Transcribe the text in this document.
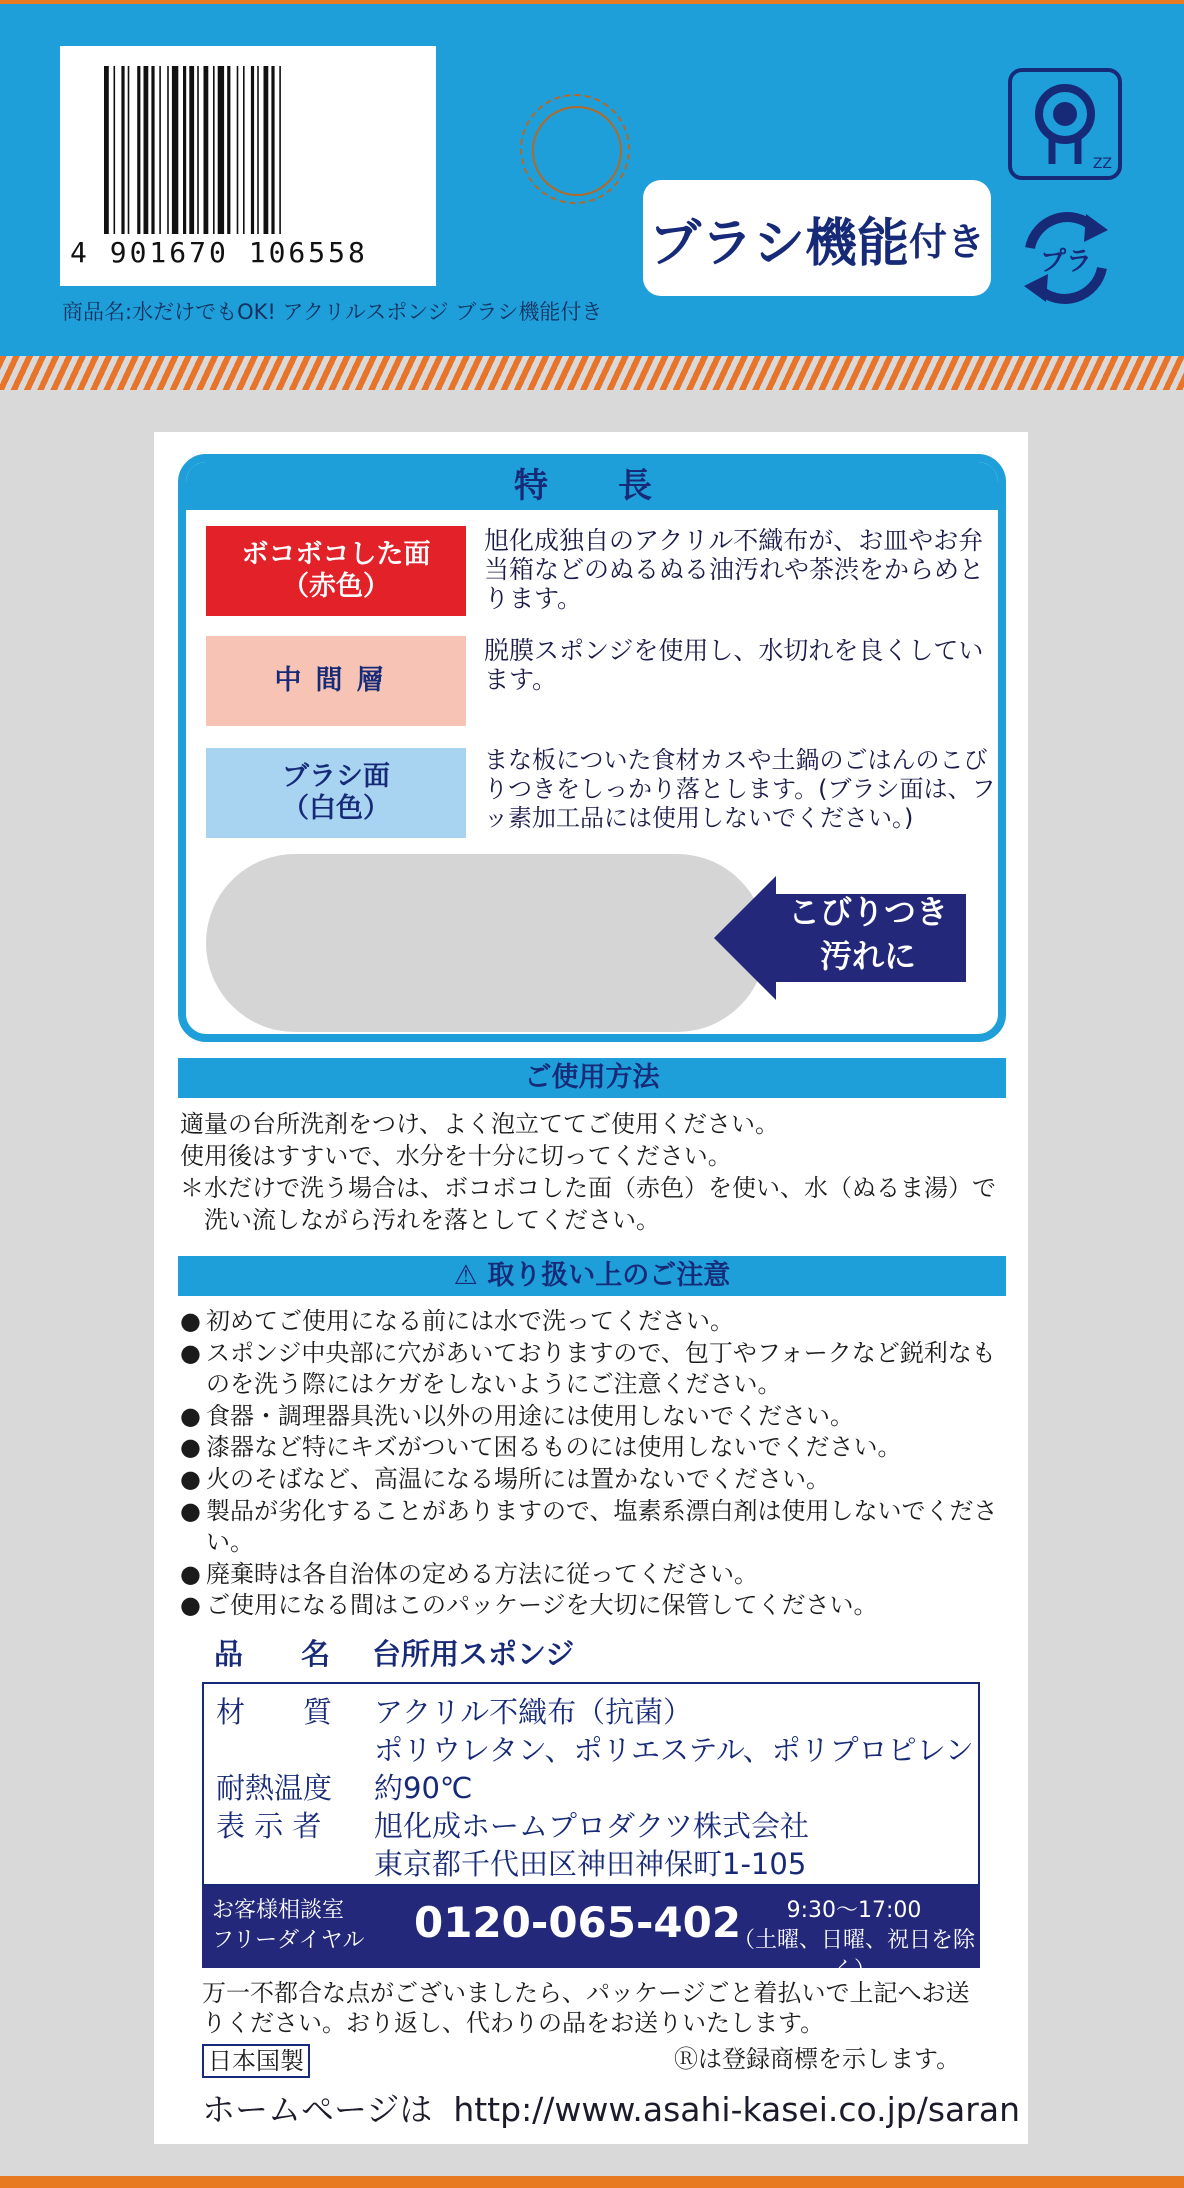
4 901670 106558
商品名:水だけでもOK! アクリルスポンジ ブラシ機能付き
ブラシ機能 付き
ZZ
プラ
特　長
ボコボコした面
（赤色）
旭化成独自のアクリル不織布が、お皿やお弁当箱などのぬるぬる油汚れや茶渋をからめとります。
中間層
脱膜スポンジを使用し、水切れを良くしています。
ブラシ面
（白色）
まな板についた食材カスや土鍋のごはんのこびりつきをしっかり落とします。(ブラシ面は、フッ素加工品には使用しないでください。)
こびりつき
汚れに
ご使用方法
適量の台所洗剤をつけ、よく泡立ててご使用ください。
使用後はすすいで、水分を十分に切ってください。
＊水だけで洗う場合は、ボコボコした面（赤色）を使い、水（ぬるま湯）で
　洗い流しながら汚れを落としてください。
⚠ 取り扱い上のご注意
● 初めてご使用になる前には水で洗ってください。
● スポンジ中央部に穴があいておりますので、包丁やフォークなど鋭利なものを洗う際にはケガをしないようにご注意ください。
● 食器・調理器具洗い以外の用途には使用しないでください。
● 漆器など特にキズがついて困るものには使用しないでください。
● 火のそばなど、高温になる場所には置かないでください。
● 製品が劣化することがありますので、塩素系漂白剤は使用しないでください。
● 廃棄時は各自治体の定める方法に従ってください。
● ご使用になる間はこのパッケージを大切に保管してください。
品　　名 台所用スポンジ
材　　質	アクリル不織布（抗菌）
ポリウレタン、ポリエステル、ポリプロピレン
耐熱温度	約90℃
表 示 者	旭化成ホームプロダクツ株式会社
東京都千代田区神田神保町1-105
お客様相談室
フリーダイヤル 0120-065-402	9:30〜17:00
（土曜、日曜、祝日を除く）
万一不都合な点がございましたら、パッケージごと着払いで上記へお送りください。おり返し、代わりの品をお送りいたします。
日本国製	Ⓡは登録商標を示します。
ホームページは http://www.asahi-kasei.co.jp/saran
